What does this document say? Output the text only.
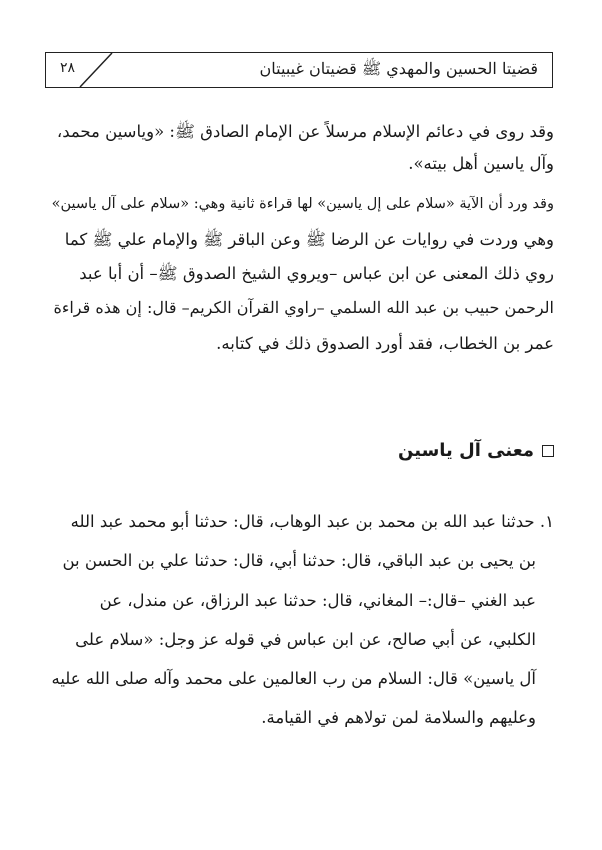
قضيتا الحسين والمهدي ﷺ قضيتان غيبيتان
٢٨
وقد روى في دعائم الإسلام مرسلاً عن الإمام الصادق ﷺ: «وياسين محمد،
وآل ياسين أهل بيته».
وقد ورد أن الآية «سلام على إل ياسين» لها قراءة ثانية وهي: «سلام على آل ياسين»
وهي وردت في روايات عن الرضا ﷺ وعن الباقر ﷺ والإمام علي ﷺ كما
روي ذلك المعنى عن ابن عباس –ويروي الشيخ الصدوق ﷺ– أن أبا عبد
الرحمن حبيب بن عبد الله السلمي –راوي القرآن الكريم– قال: إن هذه قراءة
عمر بن الخطاب، فقد أورد الصدوق ذلك في كتابه.
معنى آل ياسين
١. حدثنا عبد الله بن محمد بن عبد الوهاب، قال: حدثنا أبو محمد عبد الله
بن يحيى بن عبد الباقي، قال: حدثنا أبي، قال: حدثنا علي بن الحسن بن
عبد الغني –قال:– المغاني، قال: حدثنا عبد الرزاق، عن مندل، عن
الكلبي، عن أبي صالح، عن ابن عباس في قوله عز وجل: «سلام على
آل ياسين» قال: السلام من رب العالمين على محمد وآله صلى الله عليه
وعليهم والسلامة لمن تولاهم في القيامة.
